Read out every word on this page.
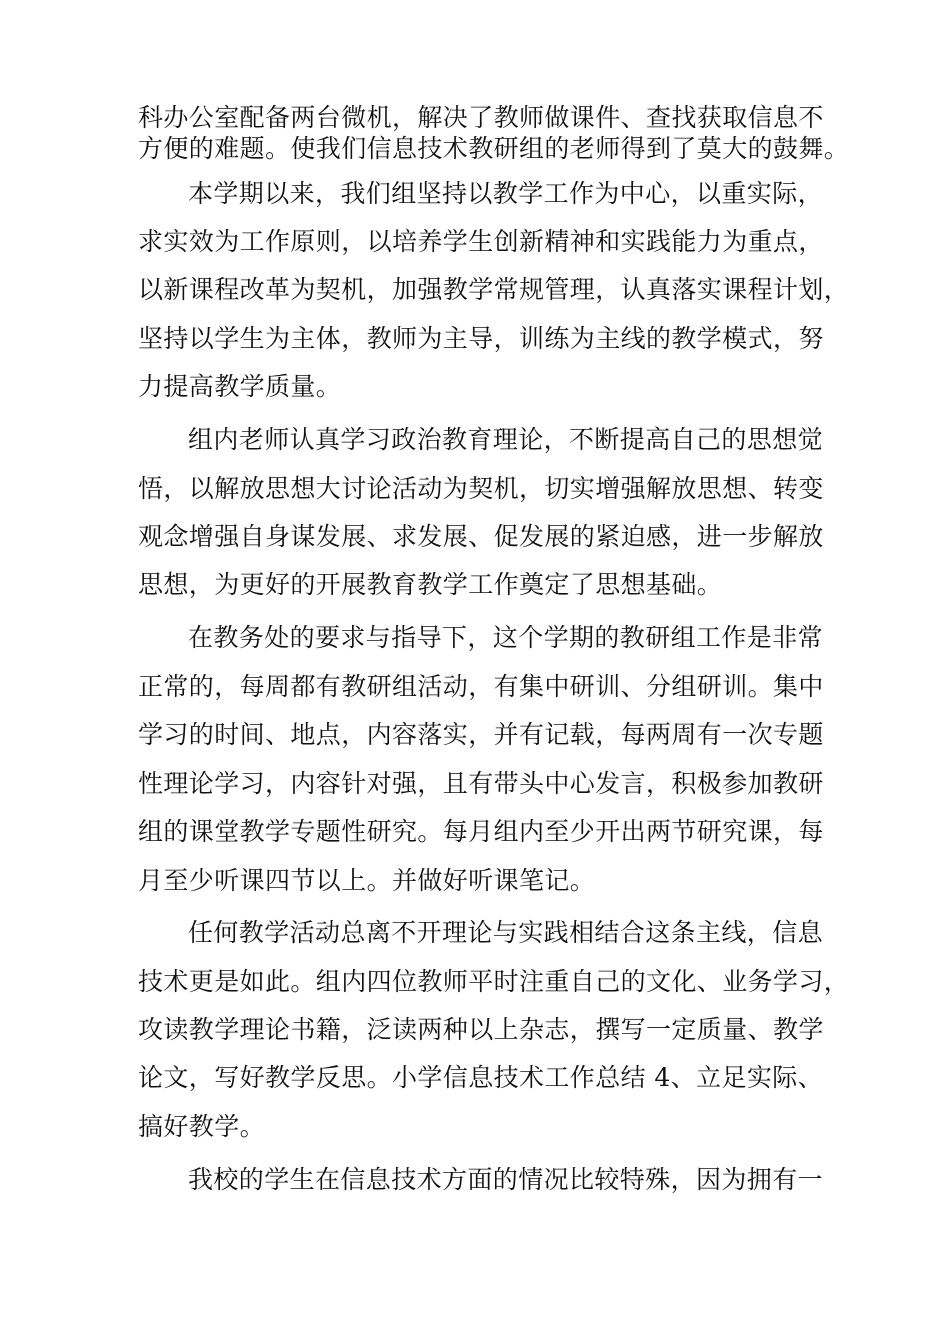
科办公室配备两台微机，解决了教师做课件、查找获取信息不
方便的难题。使我们信息技术教研组的老师得到了莫大的鼓舞。
本学期以来，我们组坚持以教学工作为中心，以重实际，
求实效为工作原则，以培养学生创新精神和实践能力为重点，
以新课程改革为契机，加强教学常规管理，认真落实课程计划，
坚持以学生为主体，教师为主导，训练为主线的教学模式，努
力提高教学质量。
组内老师认真学习政治教育理论，不断提高自己的思想觉
悟，以解放思想大讨论活动为契机，切实增强解放思想、转变
观念增强自身谋发展、求发展、促发展的紧迫感，进一步解放
思想，为更好的开展教育教学工作奠定了思想基础。
在教务处的要求与指导下，这个学期的教研组工作是非常
正常的，每周都有教研组活动，有集中研训、分组研训。集中
学习的时间、地点，内容落实，并有记载，每两周有一次专题
性理论学习，内容针对强，且有带头中心发言，积极参加教研
组的课堂教学专题性研究。每月组内至少开出两节研究课，每
月至少听课四节以上。并做好听课笔记。
任何教学活动总离不开理论与实践相结合这条主线，信息
技术更是如此。组内四位教师平时注重自己的文化、业务学习，
攻读教学理论书籍，泛读两种以上杂志，撰写一定质量、教学
论文，写好教学反思。小学信息技术工作总结 4、立足实际、
搞好教学。
我校的学生在信息技术方面的情况比较特殊，因为拥有一
